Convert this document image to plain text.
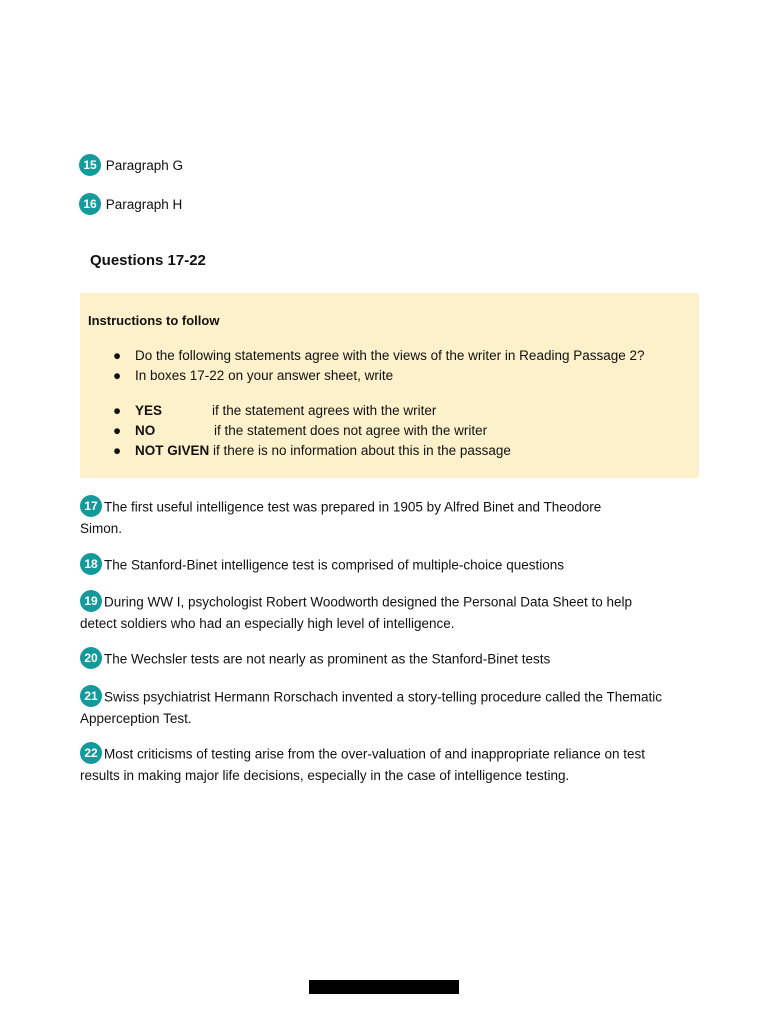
15 Paragraph G
16 Paragraph H
Questions 17-22
Instructions to follow
● Do the following statements agree with the views of the writer in Reading Passage 2?
● In boxes 17-22 on your answer sheet, write
● YES	if the statement agrees with the writer
● NO	if the statement does not agree with the writer
● NOT GIVEN if there is no information about this in the passage
17 The first useful intelligence test was prepared in 1905 by Alfred Binet and Theodore
Simon.
18 The Stanford-Binet intelligence test is comprised of multiple-choice questions
19 During WW I, psychologist Robert Woodworth designed the Personal Data Sheet to help
detect soldiers who had an especially high level of intelligence.
20 The Wechsler tests are not nearly as prominent as the Stanford-Binet tests
21 Swiss psychiatrist Hermann Rorschach invented a story-telling procedure called the Thematic
Apperception Test.
22 Most criticisms of testing arise from the over-valuation of and inappropriate reliance on test
results in making major life decisions, especially in the case of intelligence testing.
